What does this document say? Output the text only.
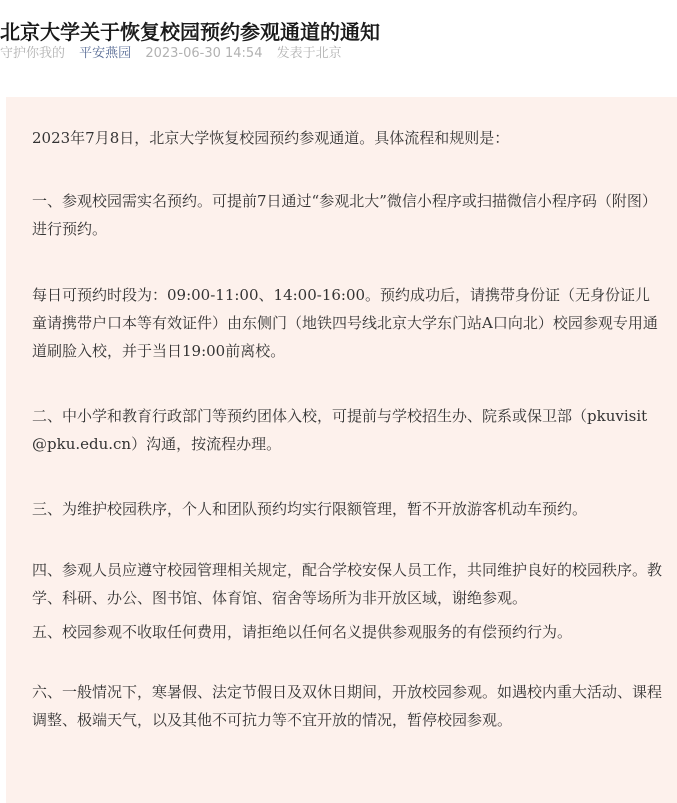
北京大学关于恢复校园预约参观通道的通知
守护你我的 平安燕园 2023-06-30 14:54 发表于北京

2023年7月8日，北京大学恢复校园预约参观通道。具体流程和规则是：

一、参观校园需实名预约。可提前7日通过“参观北大”微信小程序或扫描微信小程序码（附图）进行预约。

每日可预约时段为：09:00-11:00、14:00-16:00。预约成功后，请携带身份证（无身份证儿童请携带户口本等有效证件）由东侧门（地铁四号线北京大学东门站A口向北）校园参观专用通道刷脸入校，并于当日19:00前离校。

二、中小学和教育行政部门等预约团体入校，可提前与学校招生办、院系或保卫部（pkuvisit@pku.edu.cn）沟通，按流程办理。

三、为维护校园秩序，个人和团队预约均实行限额管理，暂不开放游客机动车预约。

四、参观人员应遵守校园管理相关规定，配合学校安保人员工作，共同维护良好的校园秩序。教学、科研、办公、图书馆、体育馆、宿舍等场所为非开放区域，谢绝参观。

五、校园参观不收取任何费用，请拒绝以任何名义提供参观服务的有偿预约行为。

六、一般情况下，寒暑假、法定节假日及双休日期间，开放校园参观。如遇校内重大活动、课程调整、极端天气，以及其他不可抗力等不宜开放的情况，暂停校园参观。
